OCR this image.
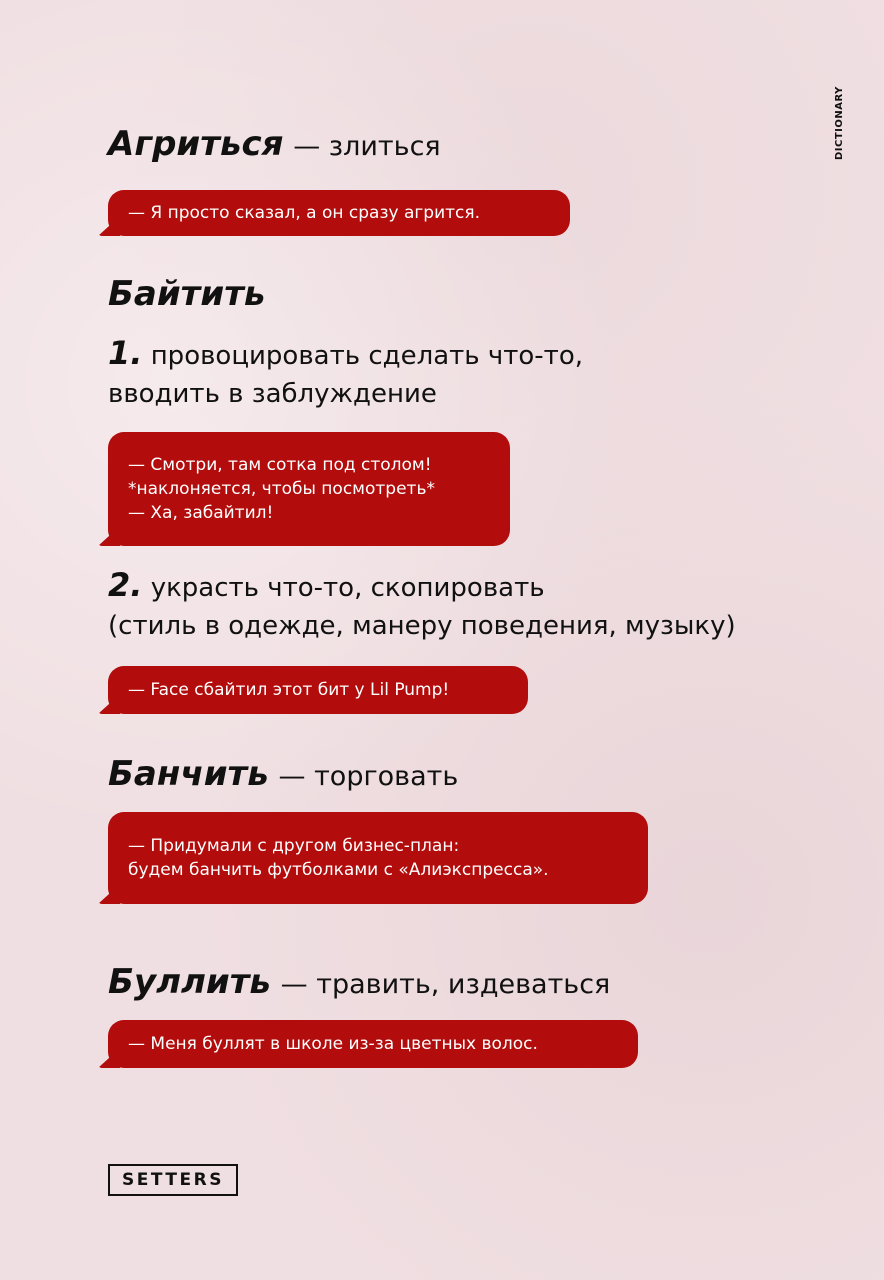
DICTIONARY
Агриться — злиться
— Я просто сказал, а он сразу агрится.
Байтить
1. провоцировать сделать что-то,
вводить в заблуждение
— Смотри, там сотка под столом!
*наклоняется, чтобы посмотреть*
— Ха, забайтил!
2. украсть что-то, скопировать
(стиль в одежде, манеру поведения, музыку)
— Face сбайтил этот бит у Lil Pump!
Банчить — торговать
— Придумали с другом бизнес-план:
будем банчить футболками с «Алиэкспресса».
Буллить — травить, издеваться
— Меня буллят в школе из-за цветных волос.
SETTERS
